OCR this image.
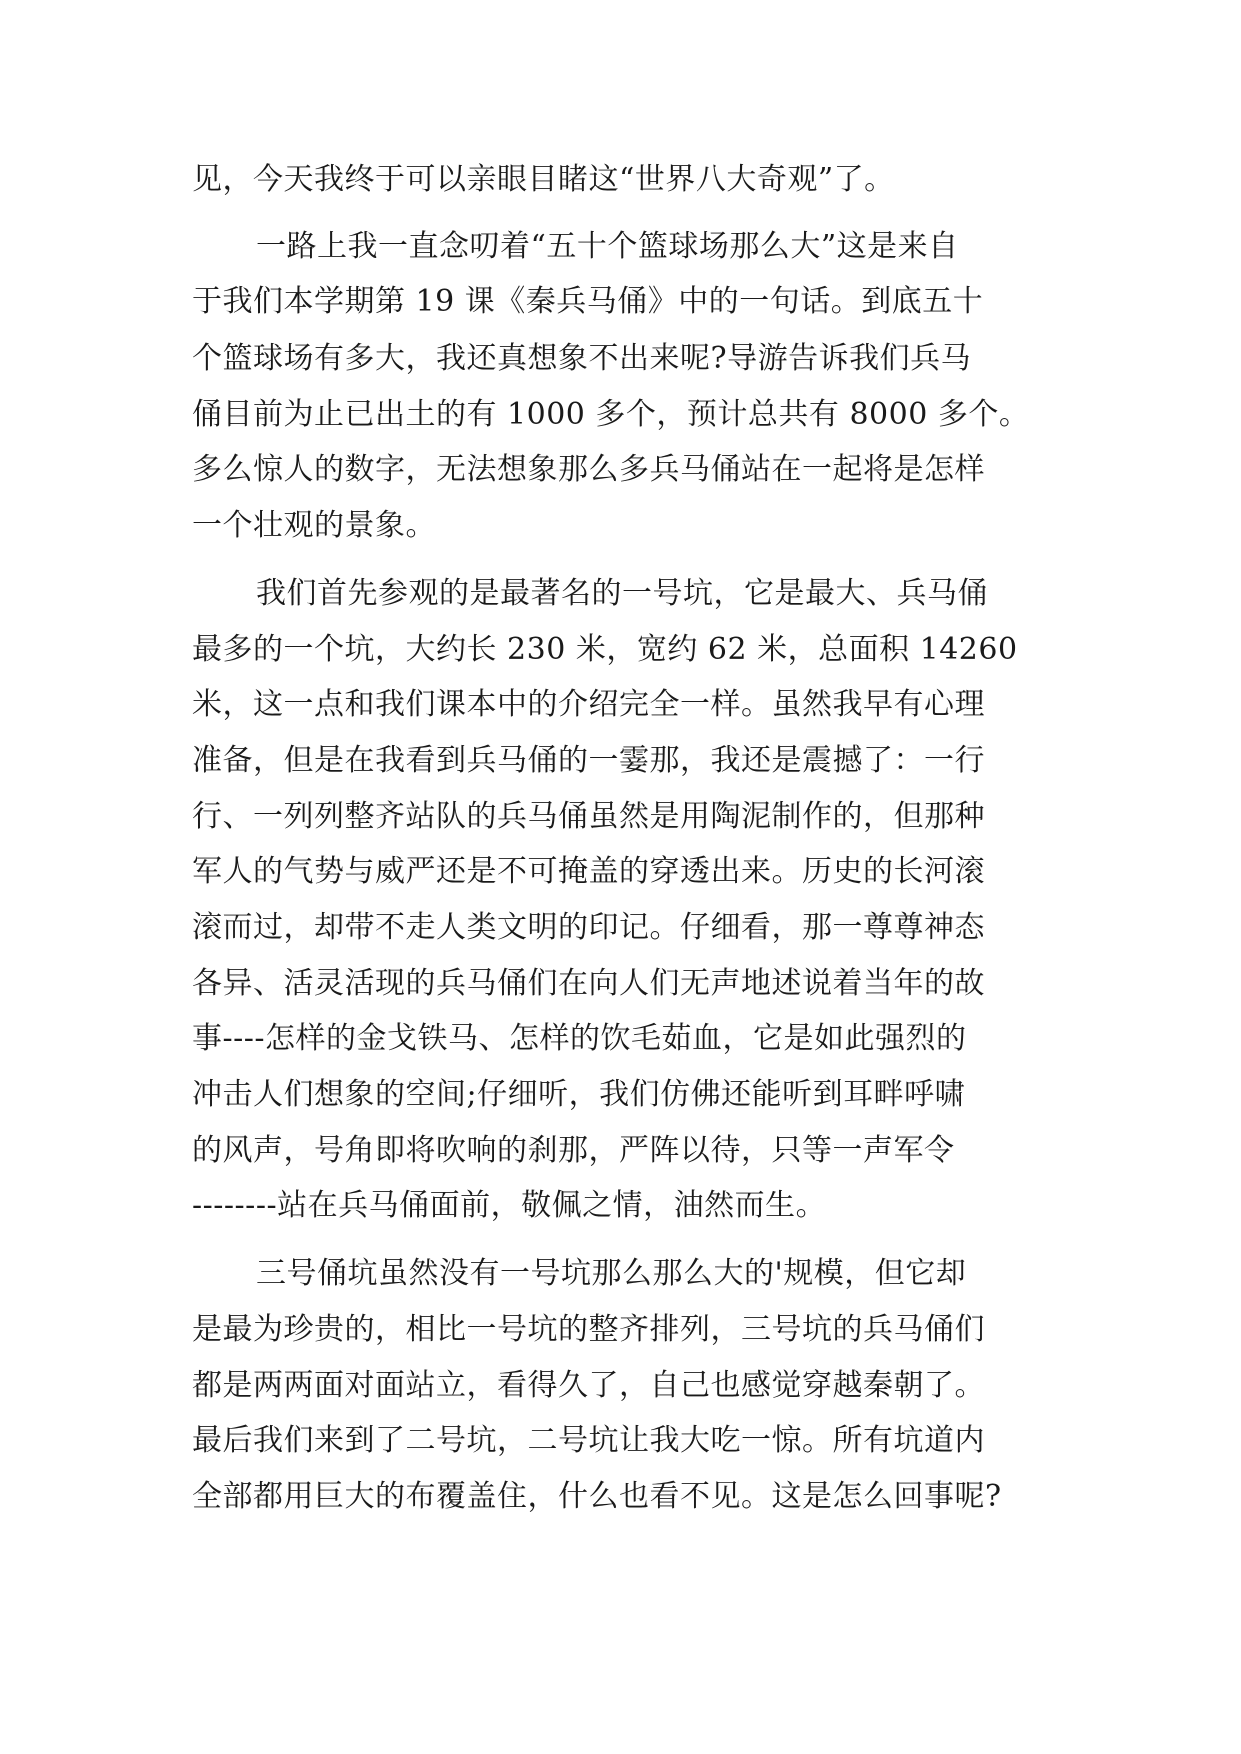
见，今天我终于可以亲眼目睹这“世界八大奇观”了。
一路上我一直念叨着“五十个篮球场那么大”这是来自
于我们本学期第 19 课《秦兵马俑》中的一句话。到底五十
个篮球场有多大，我还真想象不出来呢?导游告诉我们兵马
俑目前为止已出土的有 1000 多个，预计总共有 8000 多个。
多么惊人的数字，无法想象那么多兵马俑站在一起将是怎样
一个壮观的景象。
我们首先参观的是最著名的一号坑，它是最大、兵马俑
最多的一个坑，大约长 230 米，宽约 62 米，总面积 14260
米，这一点和我们课本中的介绍完全一样。虽然我早有心理
准备，但是在我看到兵马俑的一霎那，我还是震撼了：一行
行、一列列整齐站队的兵马俑虽然是用陶泥制作的，但那种
军人的气势与威严还是不可掩盖的穿透出来。历史的长河滚
滚而过，却带不走人类文明的印记。仔细看，那一尊尊神态
各异、活灵活现的兵马俑们在向人们无声地述说着当年的故
事----怎样的金戈铁马、怎样的饮毛茹血，它是如此强烈的
冲击人们想象的空间;仔细听，我们仿佛还能听到耳畔呼啸
的风声，号角即将吹响的刹那，严阵以待，只等一声军令
--------站在兵马俑面前，敬佩之情，油然而生。
三号俑坑虽然没有一号坑那么那么大的'规模，但它却
是最为珍贵的，相比一号坑的整齐排列，三号坑的兵马俑们
都是两两面对面站立，看得久了，自己也感觉穿越秦朝了。
最后我们来到了二号坑，二号坑让我大吃一惊。所有坑道内
全部都用巨大的布覆盖住，什么也看不见。这是怎么回事呢?
